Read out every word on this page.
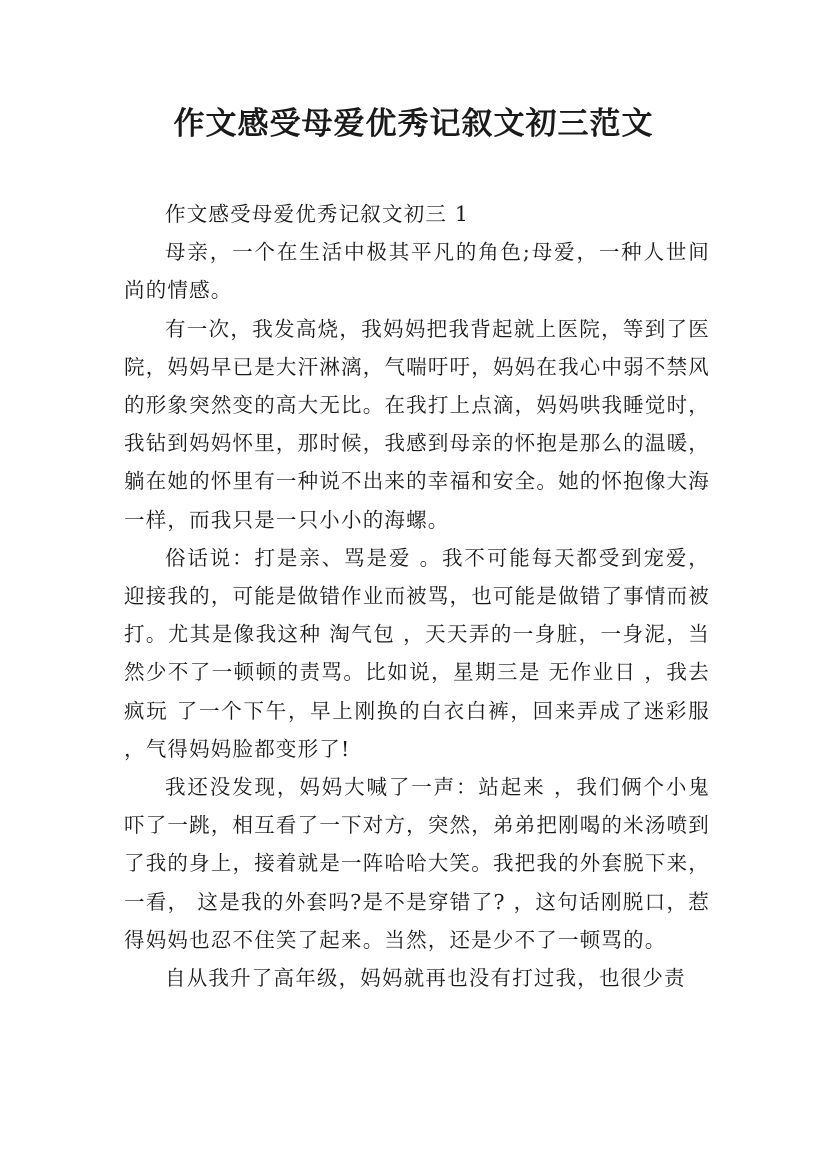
作文感受母爱优秀记叙文初三范文

作文感受母爱优秀记叙文初三 1

母亲，一个在生活中极其平凡的角色;母爱，一种人世间尚的情感。

有一次，我发高烧，我妈妈把我背起就上医院，等到了医院，妈妈早已是大汗淋漓，气喘吁吁，妈妈在我心中弱不禁风的形象突然变的高大无比。在我打上点滴，妈妈哄我睡觉时，我钻到妈妈怀里，那时候，我感到母亲的怀抱是那么的温暖，躺在她的怀里有一种说不出来的幸福和安全。她的怀抱像大海一样，而我只是一只小小的海螺。

俗话说：打是亲、骂是爱 。我不可能每天都受到宠爱，迎接我的，可能是做错作业而被骂，也可能是做错了事情而被打。尤其是像我这种 淘气包 ，天天弄的一身脏，一身泥，当然少不了一顿顿的责骂。比如说，星期三是 无作业日 ，我去 疯玩 了一个下午，早上刚换的白衣白裤，回来弄成了迷彩服 ，气得妈妈脸都变形了!

我还没发现，妈妈大喊了一声：站起来 ，我们俩个小鬼吓了一跳，相互看了一下对方，突然，弟弟把刚喝的米汤喷到了我的身上，接着就是一阵哈哈大笑。我把我的外套脱下来，一看， 这是我的外套吗?是不是穿错了? ，这句话刚脱口，惹得妈妈也忍不住笑了起来。当然，还是少不了一顿骂的。

自从我升了高年级，妈妈就再也没有打过我，也很少责
